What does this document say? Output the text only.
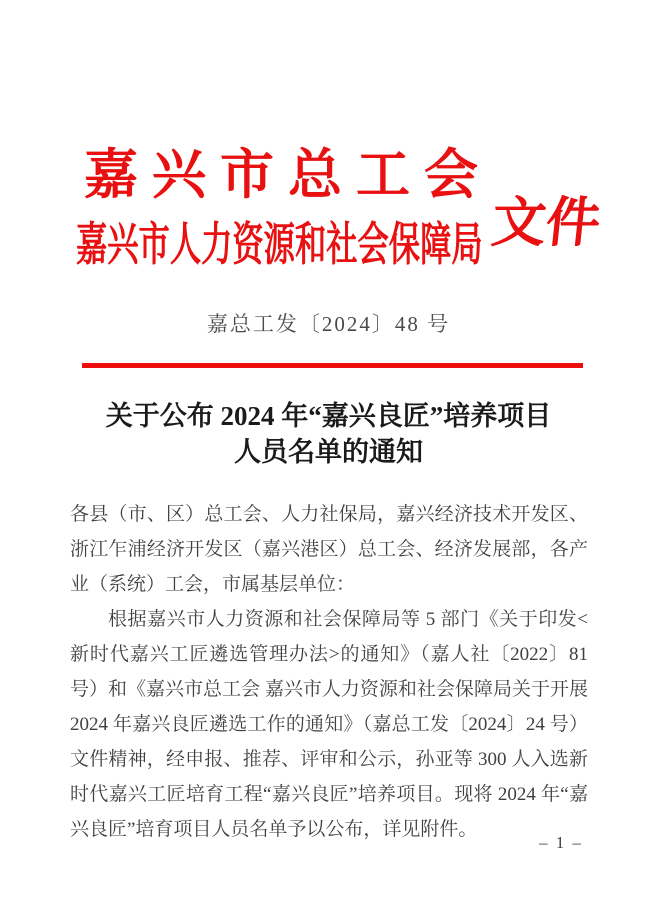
嘉兴市总工会
嘉兴市人力资源和社会保障局 文件
嘉总工发〔2024〕48 号
关于公布 2024 年“嘉兴良匠”培养项目
人员名单的通知

各县（市、区）总工会、人力社保局，嘉兴经济技术开发区、浙江乍浦经济开发区（嘉兴港区）总工会、经济发展部，各产业（系统）工会，市属基层单位：

根据嘉兴市人力资源和社会保障局等 5 部门《关于印发<新时代嘉兴工匠遴选管理办法>的通知》（嘉人社〔2022〕81 号）和《嘉兴市总工会 嘉兴市人力资源和社会保障局关于开展 2024 年嘉兴良匠遴选工作的通知》（嘉总工发〔2024〕24 号）文件精神，经申报、推荐、评审和公示，孙亚等 300 人入选新时代嘉兴工匠培育工程“嘉兴良匠”培养项目。现将 2024 年“嘉兴良匠”培育项目人员名单予以公布，详见附件。

– 1 –
